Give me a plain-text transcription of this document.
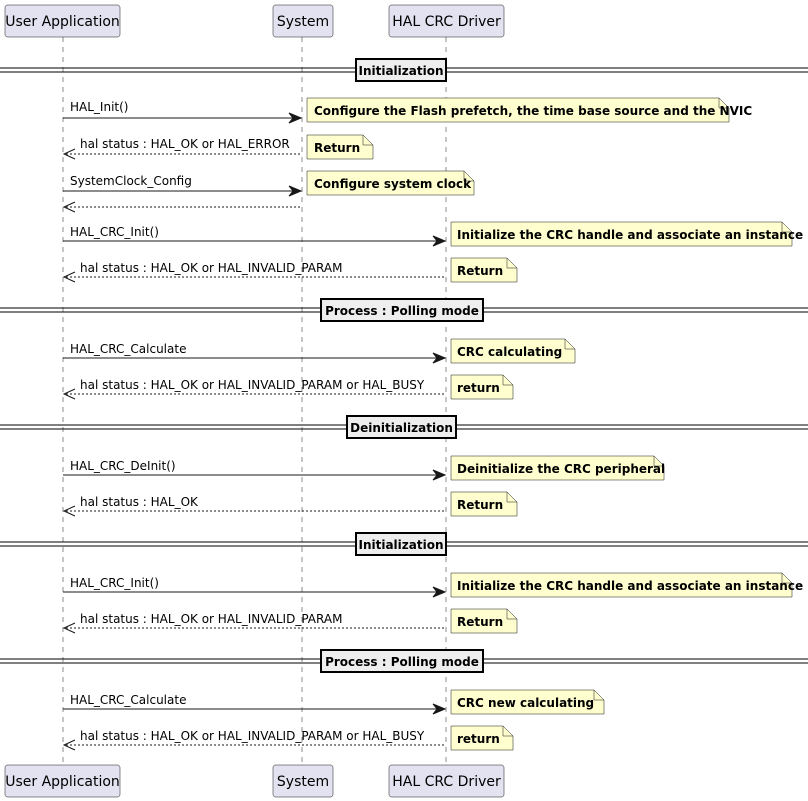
User Application	System	HAL CRC Driver
User Application	System	HAL CRC Driver
Initialization
Process : Polling mode
Deinitialization
Initialization
Process : Polling mode
HAL_Init()
hal status : HAL_OK or HAL_ERROR
SystemClock_Config
HAL_CRC_Init()
hal status : HAL_OK or HAL_INVALID_PARAM
HAL_CRC_Calculate
hal status : HAL_OK or HAL_INVALID_PARAM or HAL_BUSY
HAL_CRC_DeInit()
hal status : HAL_OK
HAL_CRC_Init()
hal status : HAL_OK or HAL_INVALID_PARAM
HAL_CRC_Calculate
hal status : HAL_OK or HAL_INVALID_PARAM or HAL_BUSY
Configure the Flash prefetch, the time base source and the NVIC
Return
Configure system clock
Initialize the CRC handle and associate an instance
Return
CRC calculating
return
Deinitialize the CRC peripheral
Return
Initialize the CRC handle and associate an instance
Return
CRC new calculating
return
